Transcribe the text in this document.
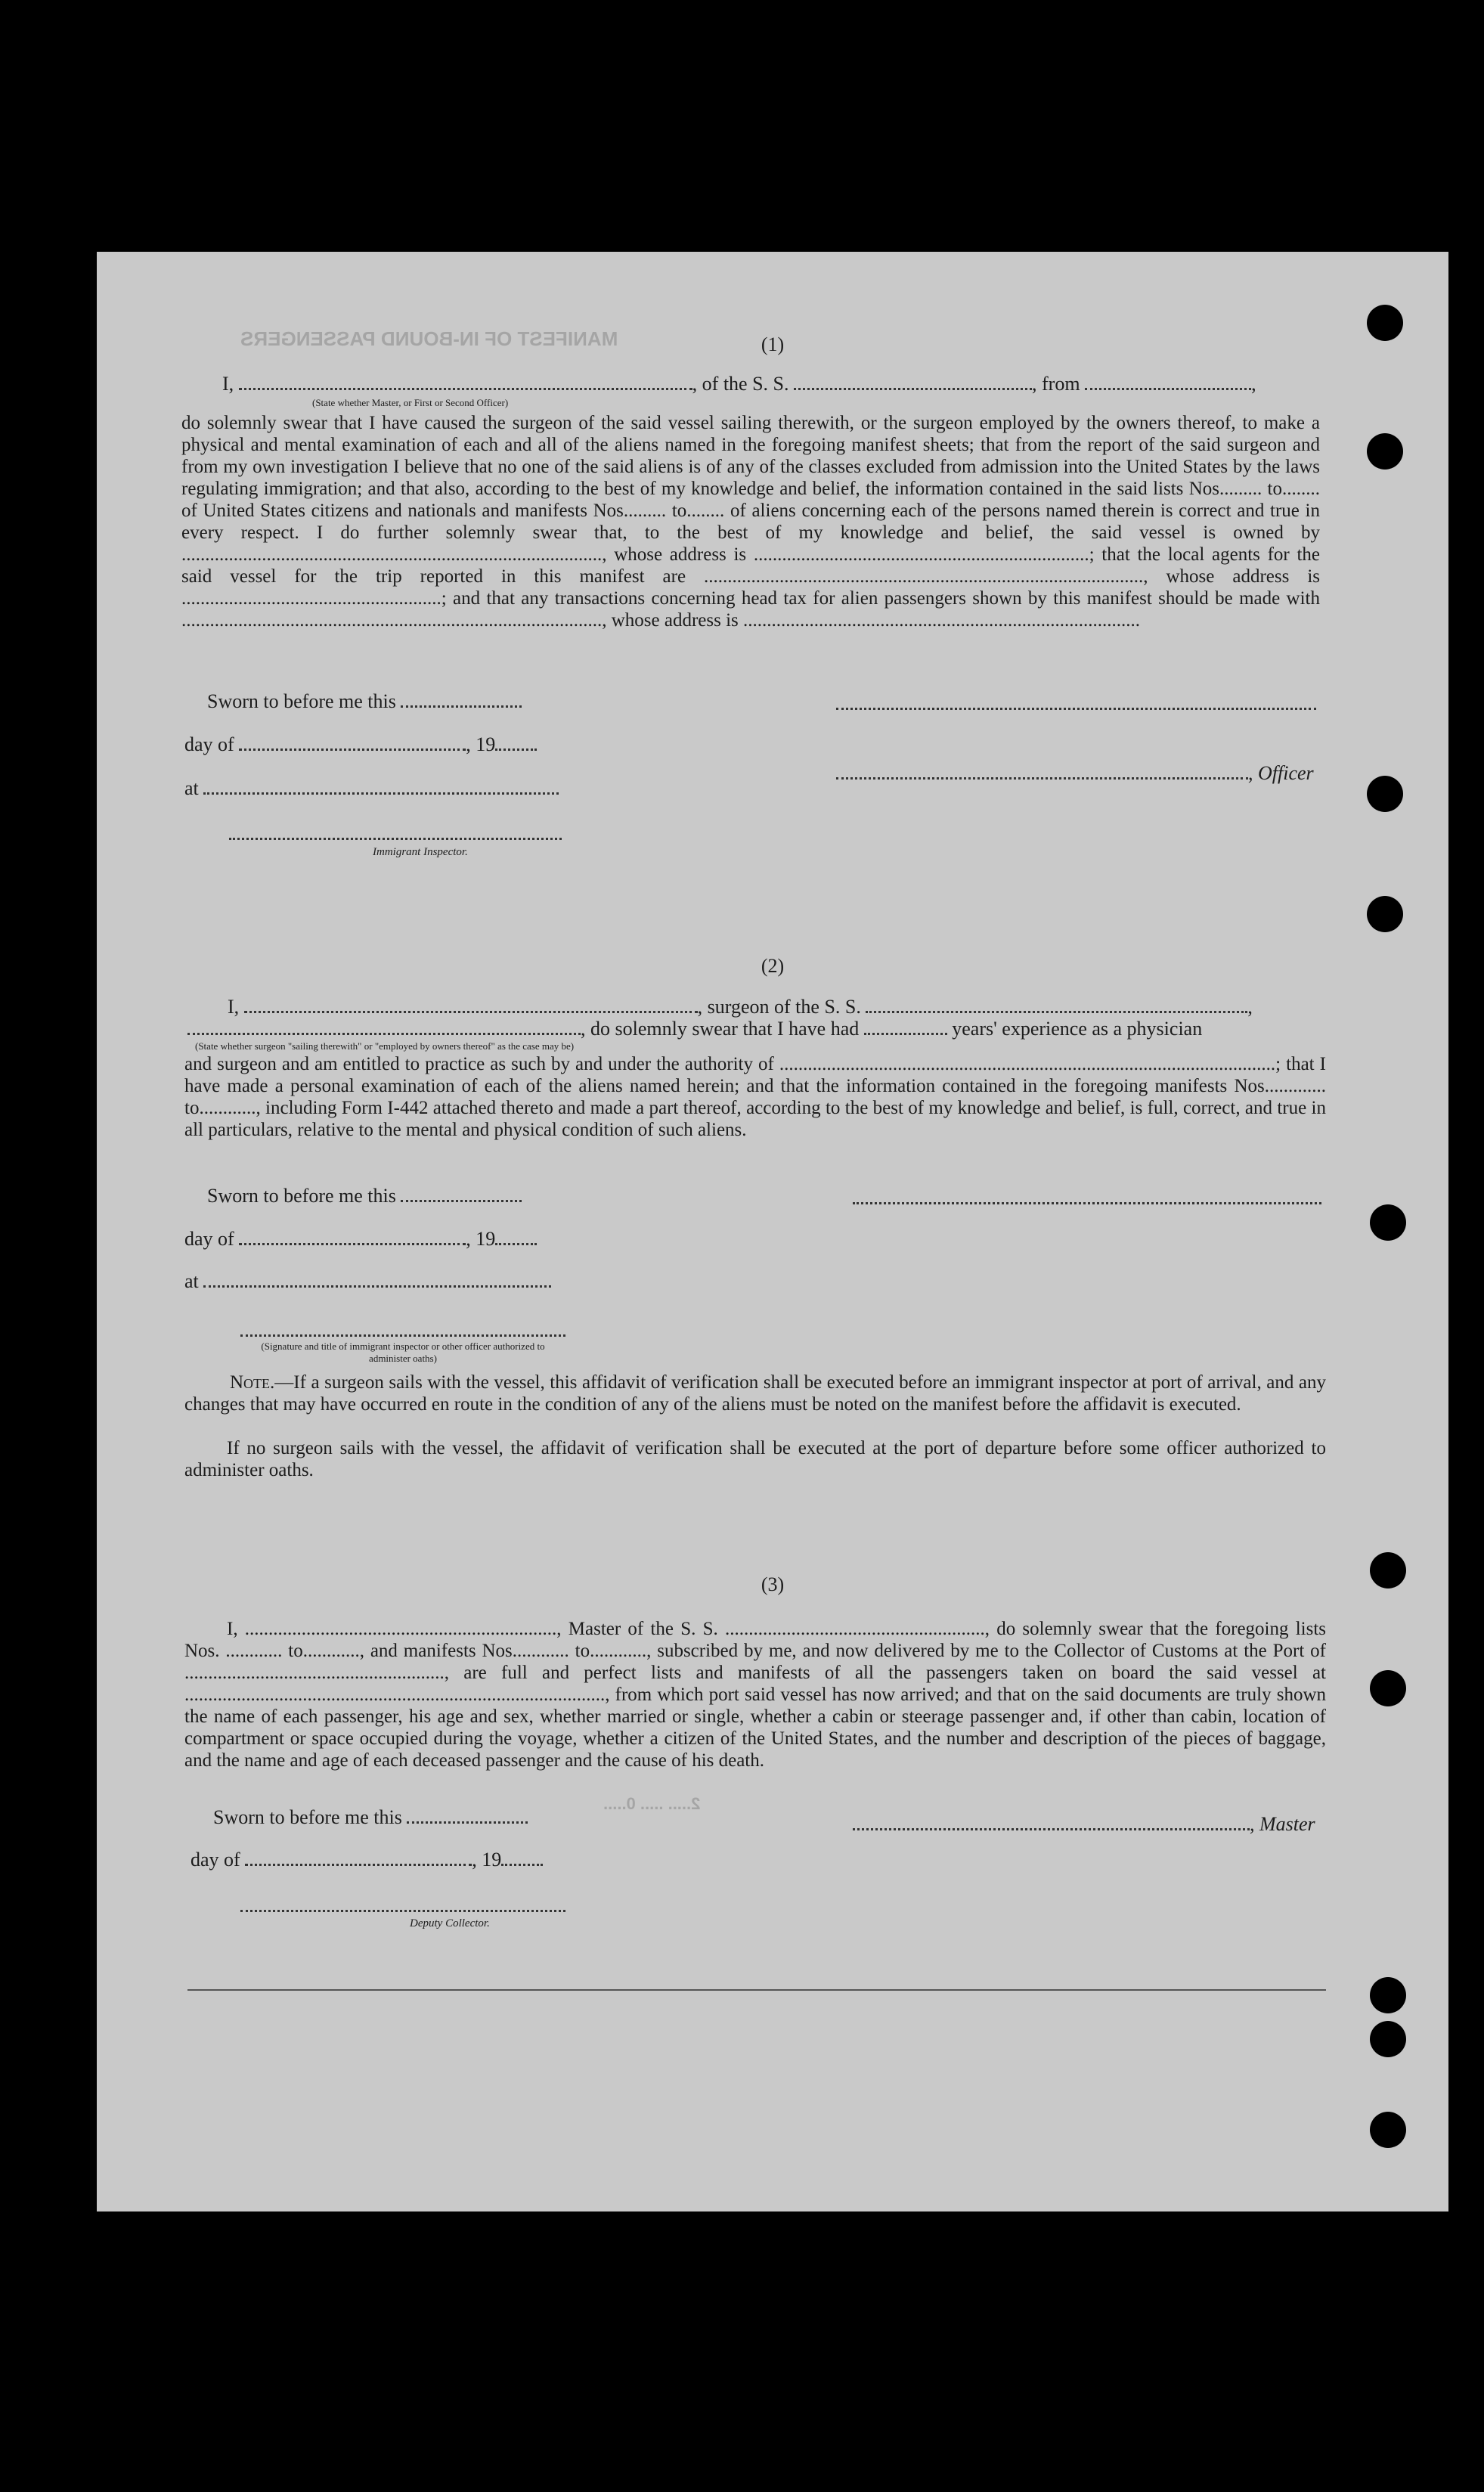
MANIFEST OF IN-BOUND PASSENGERS
2..... ..... 0.....
(1)
I,	, of the S. S.	, from	,
(State whether Master, or First or Second Officer)
do solemnly swear that I have caused the surgeon of the said vessel sailing therewith, or the surgeon employed by the owners thereof, to make a physical and mental examination of each and all of the aliens named in the foregoing manifest sheets; that from the report of the said surgeon and from my own investigation I believe that no one of the said aliens is of any of the classes excluded from admission into the United States by the laws regulating immigration; and that also, according to the best of my knowledge and belief, the information contained in the said lists Nos......... to........ of United States citizens and nationals and manifests Nos......... to........ of aliens concerning each of the persons named therein is correct and true in every respect. I do further solemnly swear that, to the best of my knowledge and belief, the said vessel is owned by ........................................................................................., whose address is .......................................................................; that the local agents for the said vessel for the trip reported in this manifest are ............................................................................................., whose address is .......................................................; and that any transactions concerning head tax for alien passengers shown by this manifest should be made with ........................................................................................., whose address is ....................................................................................
Sworn to before me this
day of	, 19
at
Immigrant Inspector.
, Officer
(2)
I,	, surgeon of the S. S.	,
, do solemnly swear that I have had	years' experience as a physician
(State whether surgeon "sailing therewith" or "employed by owners thereof" as the case may be)
and surgeon and am entitled to practice as such by and under the authority of .........................................................................................................; that I have made a personal examination of each of the aliens named herein; and that the information contained in the foregoing manifests Nos............. to............, including Form I-442 attached thereto and made a part thereof, according to the best of my knowledge and belief, is full, correct, and true in all particulars, relative to the mental and physical condition of such aliens.
Sworn to before me this
day of	, 19
at
(Signature and title of immigrant inspector or other officer authorized to administer oaths)
Note.—If a surgeon sails with the vessel, this affidavit of verification shall be executed before an immigrant inspector at port of arrival, and any changes that may have occurred en route in the condition of any of the aliens must be noted on the manifest before the affidavit is executed.
If no surgeon sails with the vessel, the affidavit of verification shall be executed at the port of departure before some officer authorized to administer oaths.
(3)
I, .................................................................., Master of the S. S. ......................................................., do solemnly swear that the foregoing lists Nos. ............ to............, and manifests Nos............ to............, subscribed by me, and now delivered by me to the Collector of Customs at the Port of ......................................................., are full and perfect lists and manifests of all the passengers taken on board the said vessel at ........................................................................................., from which port said vessel has now arrived; and that on the said documents are truly shown the name of each passenger, his age and sex, whether married or single, whether a cabin or steerage passenger and, if other than cabin, location of compartment or space occupied during the voyage, whether a citizen of the United States, and the number and description of the pieces of baggage, and the name and age of each deceased passenger and the cause of his death.
Sworn to before me this
day of	, 19
Deputy Collector.
, Master
